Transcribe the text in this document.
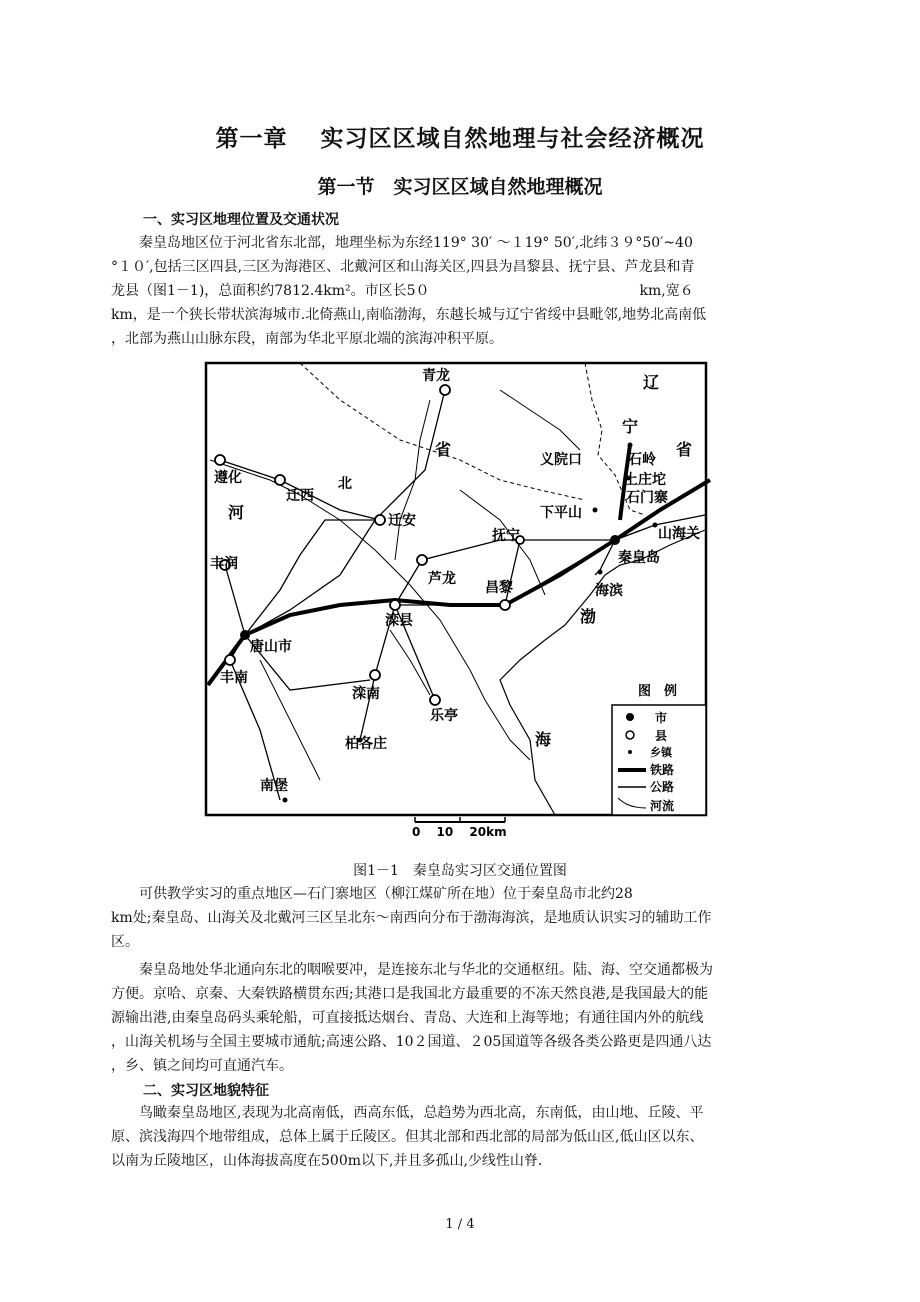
第一章　 实习区区域自然地理与社会经济概况
第一节　实习区区域自然地理概况
一、实习区地理位置及交通状况
　　秦皇岛地区位于河北省东北部，地理坐标为东经119° 30′ ～１19° 50′,北纬３９°50′~40
°１０′,包括三区四县,三区为海港区、北戴河区和山海关区,四县为昌黎县、抚宁县、芦龙县和青
龙县（图1－1)，总面积约7812.4km²。市区长5０　　　　　　　　　　　　　　　km,宽６
km，是一个狭长带状滨海城市.北倚燕山,南临渤海，东越长城与辽宁省绥中县毗邻,地势北高南低
，北部为燕山山脉东段，南部为华北平原北端的滨海冲积平原。
青龙	辽
宁
省
省
义院口	石岭
上庄坨
石门寨
下平山
山海关
遵化
迁西
北
迁安
抚宁
秦皇岛
海滨
芦龙
昌黎
滦县
丰润
唐山市
丰南
滦南
乐亭
柏各庄
南堡
河
渤
海
图　例
市
县
乡镇
铁路
公路
河流
0　 10　 20km
图1－1　秦皇岛实习区交通位置图
　　可供教学实习的重点地区—石门寨地区（柳江煤矿所在地）位于秦皇岛市北约28
km处;秦皇岛、山海关及北戴河三区呈北东～南西向分布于渤海海滨，是地质认识实习的辅助工作
区。
　　秦皇岛地处华北通向东北的咽喉要冲，是连接东北与华北的交通枢纽。陆、海、空交通都极为
方便。京哈、京秦、大秦铁路横贯东西;其港口是我国北方最重要的不冻天然良港,是我国最大的能
源输出港,由秦皇岛码头乘轮船，可直接抵达烟台、青岛、大连和上海等地；有通往国内外的航线
，山海关机场与全国主要城市通航;高速公路、10２国道、２05国道等各级各类公路更是四通八达
，乡、镇之间均可直通汽车。
二、实习区地貌特征
　　鸟瞰秦皇岛地区,表现为北高南低，西高东低，总趋势为西北高，东南低，由山地、丘陵、平
原、滨浅海四个地带组成，总体上属于丘陵区。但其北部和西北部的局部为低山区,低山区以东、
以南为丘陵地区，山体海拔高度在500m以下,并且多孤山,少线性山脊.
1 / 4
